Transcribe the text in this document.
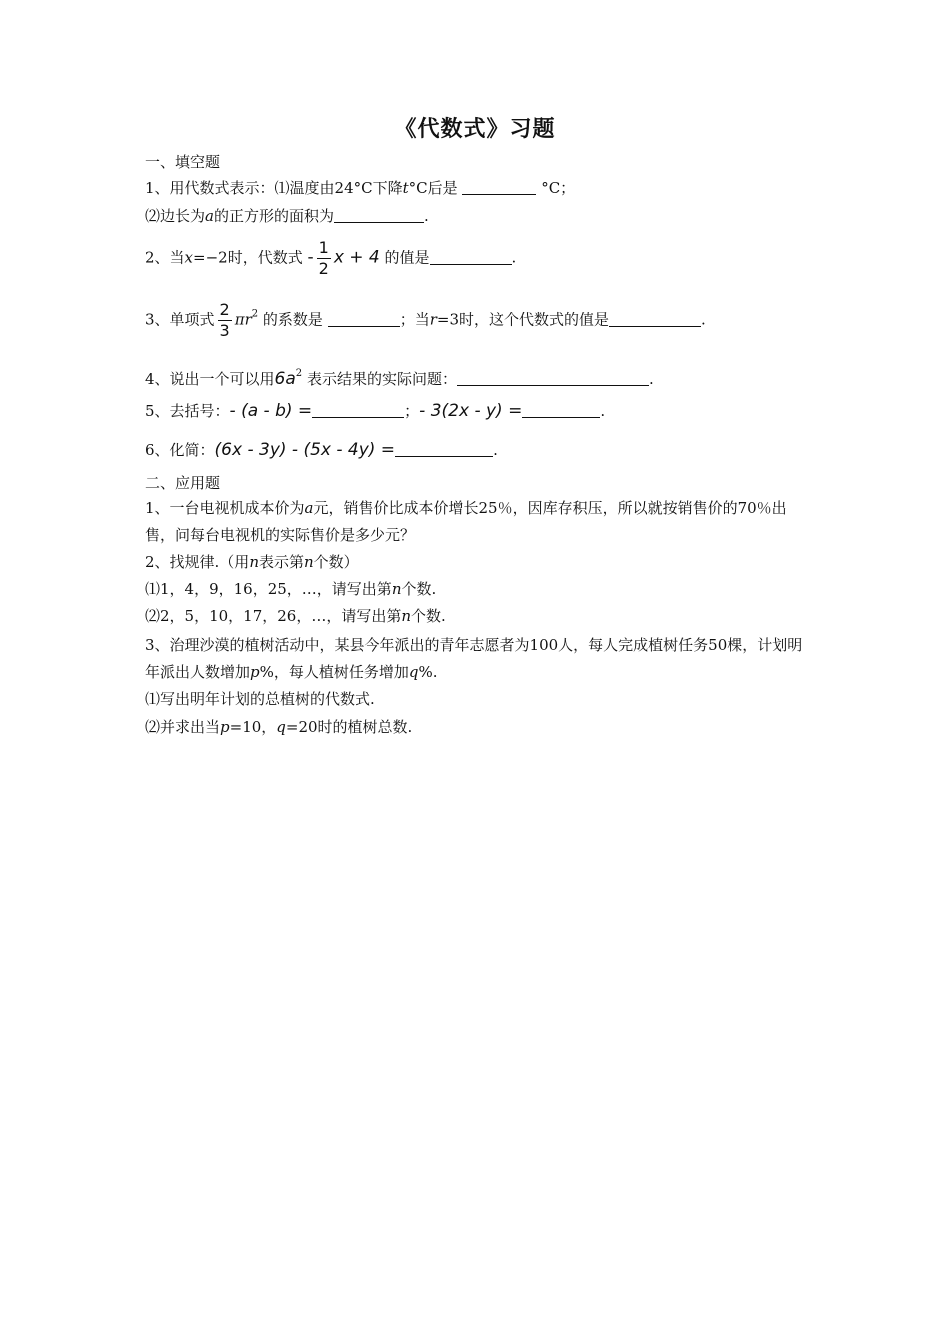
《代数式》习题
一、填空题
1、用代数式表示：⑴温度由24°C下降t°C后是	°C；
⑵边长为a的正方形的面积为	.
2、当x=−2时，代数式 - $\frac{1}{2}$ x + 4 的值是	.
3、单项式 $\frac{2}{3} \pi r^2$ 的系数是	；当r=3时，这个代数式的值是	.
4、说出一个可以用$6a^2$ 表示结果的实际问题：	.
5、去括号：- (a - b) =	；- 3(2x - y) =	.
6、化简：(6x - 3y) - (5x - 4y) =	.
二、应用题
1、一台电视机成本价为a元，销售价比成本价增长25％，因库存积压，所以就按销售价的70％出售，问每台电视机的实际售价是多少元？
2、找规律.（用n表示第n个数）
⑴1，4，9，16，25，…，请写出第n个数.
⑵2，5，10，17，26，…，请写出第n个数.
3、治理沙漠的植树活动中，某县今年派出的青年志愿者为100人，每人完成植树任务50棵，计划明年派出人数增加p%，每人植树任务增加q%.
⑴写出明年计划的总植树的代数式.
⑵并求出当p=10，q=20时的植树总数.
